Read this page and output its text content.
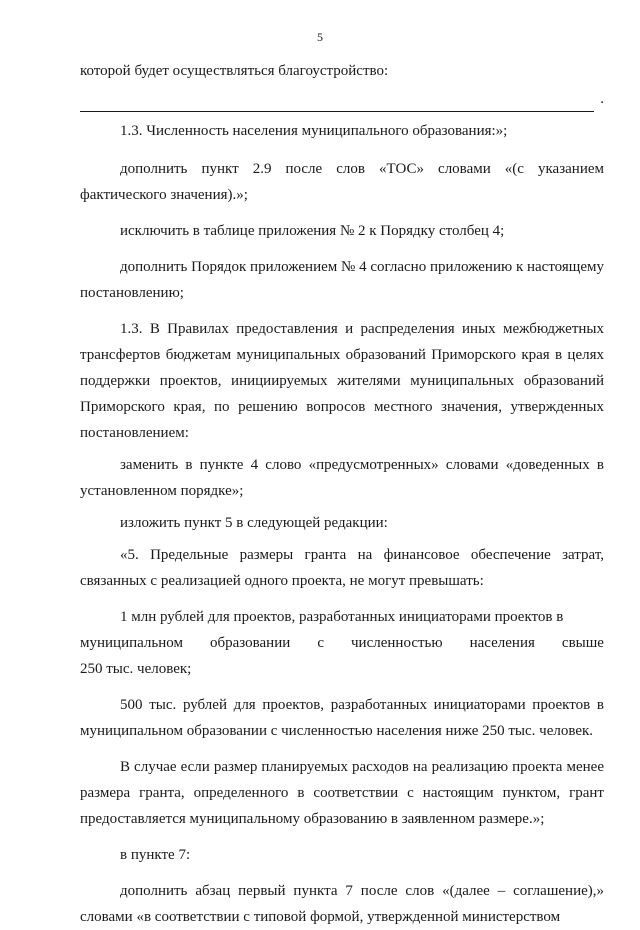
5

которой будет осуществляться благоустройство:

.

1.3. Численность населения муниципального образования:»;

дополнить пункт 2.9 после слов «ТОС» словами «(с указанием фактического значения).»;

исключить в таблице приложения № 2 к Порядку столбец 4;

дополнить Порядок приложением № 4 согласно приложению к настоящему постановлению;

1.3. В Правилах предоставления и распределения иных межбюджетных трансфертов бюджетам муниципальных образований Приморского края в целях поддержки проектов, инициируемых жителями муниципальных образований Приморского края, по решению вопросов местного значения, утвержденных постановлением:

заменить в пункте 4 слово «предусмотренных» словами «доведенных в установленном порядке»;

изложить пункт 5 в следующей редакции:

«5. Предельные размеры гранта на финансовое обеспечение затрат, связанных с реализацией одного проекта, не могут превышать:

1 млн рублей для проектов, разработанных инициаторами проектов в

муниципальном образовании с численностью населения свыше

250 тыс. человек;

500 тыс. рублей для проектов, разработанных инициаторами проектов в муниципальном образовании с численностью населения ниже 250 тыс. человек.

В случае если размер планируемых расходов на реализацию проекта менее размера гранта, определенного в соответствии с настоящим пунктом, грант предоставляется муниципальному образованию в заявленном размере.»;

в пункте 7:

дополнить абзац первый пункта 7 после слов «(далее – соглашение),» словами «в соответствии с типовой формой, утвержденной министерством
